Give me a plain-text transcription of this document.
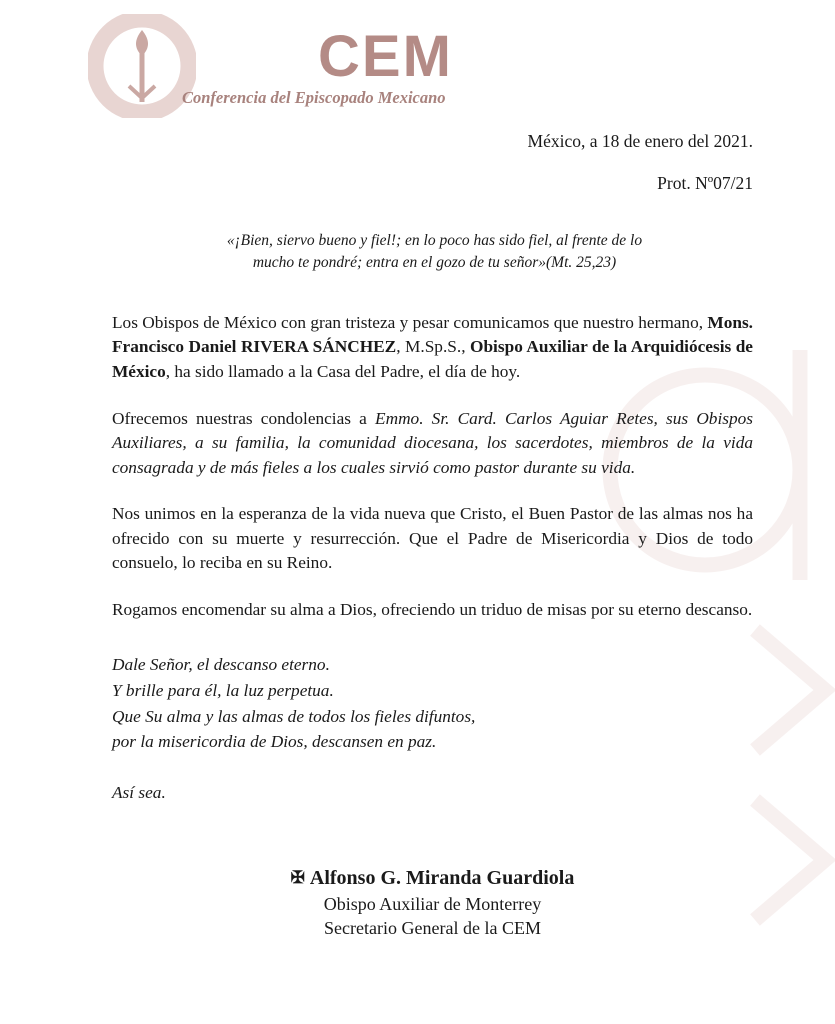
CEM
Conferencia del Episcopado Mexicano
México, a 18 de enero del 2021.
Prot. Nº07/21
«¡Bien, siervo bueno y fiel!; en lo poco has sido fiel, al frente de lo mucho te pondré; entra en el gozo de tu señor»(Mt. 25,23)

Los Obispos de México con gran tristeza y pesar comunicamos que nuestro hermano, Mons. Francisco Daniel RIVERA SÁNCHEZ, M.Sp.S., Obispo Auxiliar de la Arquidiócesis de México, ha sido llamado a la Casa del Padre, el día de hoy.

Ofrecemos nuestras condolencias a Emmo. Sr. Card. Carlos Aguiar Retes, sus Obispos Auxiliares, a su familia, la comunidad diocesana, los sacerdotes, miembros de la vida consagrada y de más fieles a los cuales sirvió como pastor durante su vida.

Nos unimos en la esperanza de la vida nueva que Cristo, el Buen Pastor de las almas nos ha ofrecido con su muerte y resurrección. Que el Padre de Misericordia y Dios de todo consuelo, lo reciba en su Reino.

Rogamos encomendar su alma a Dios, ofreciendo un triduo de misas por su eterno descanso.

Dale Señor, el descanso eterno.
Y brille para él, la luz perpetua.
Que Su alma y las almas de todos los fieles difuntos,
por la misericordia de Dios, descansen en paz.
Así sea.
✠ Alfonso G. Miranda Guardiola
Obispo Auxiliar de Monterrey
Secretario General de la CEM
